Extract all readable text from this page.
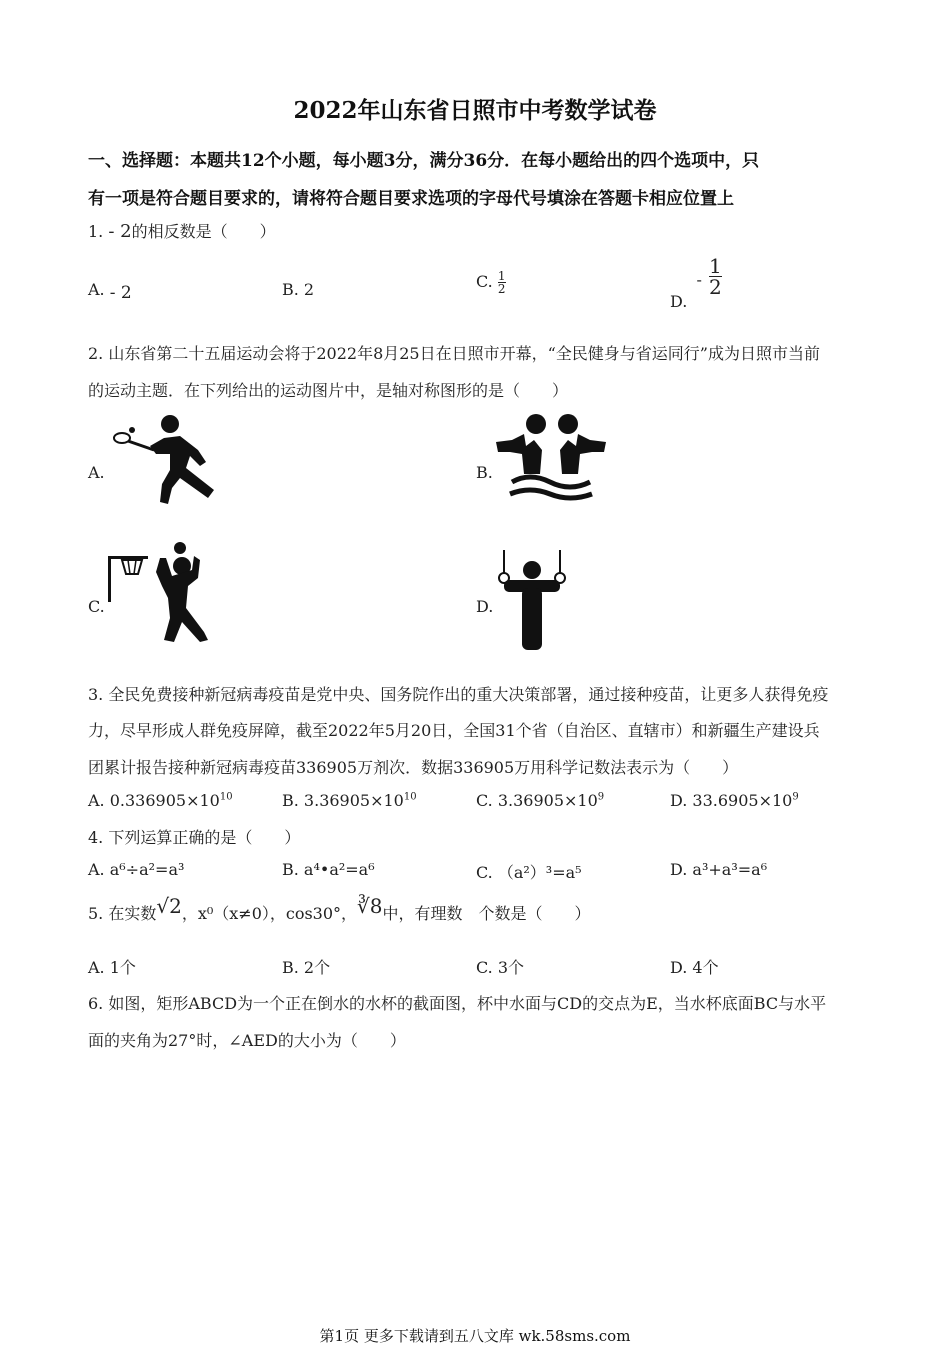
2022年山东省日照市中考数学试卷
一、选择题：本题共12个小题，每小题3分，满分36分．在每小题给出的四个选项中，只
有一项是符合题目要求的，请将符合题目要求选项的字母代号填涂在答题卡相应位置上
1. - 2的相反数是（　　）
A. - 2	B. 2	C. $\frac{1}{2}$
D. - $\frac{1}{2}$
2. 山东省第二十五届运动会将于2022年8月25日在日照市开幕，“全民健身与省运同行”成为日照市当前
的运动主题．在下列给出的运动图片中，是轴对称图形的是（　　）
A.	B.
C.	D.
3. 全民免费接种新冠病毒疫苗是党中央、国务院作出的重大决策部署，通过接种疫苗，让更多人获得免疫
力，尽早形成人群免疫屏障，截至2022年5月20日，全国31个省（自治区、直辖市）和新疆生产建设兵
团累计报告接种新冠病毒疫苗336905万剂次．数据336905万用科学记数法表示为（　　）
A. $0.336905\times 10^{10}$	B. $3.36905\times 10^{10}$	C. $3.36905\times 10^9$	D. $33.6905\times 10^9$
4. 下列运算正确的是（　　）
A. a⁶÷a²=a³	B. a⁴•a²=a⁶	C. （a²）³=a⁵	D. a³+a³=a⁶
5. 在实数√2，x⁰（x≠0），cos30°，∛8中，有理数　个数是（　　）
A. 1个	B. 2个	C. 3个	D. 4个
6. 如图，矩形ABCD为一个正在倒水的水杯的截面图，杯中水面与CD的交点为E，当水杯底面BC与水平
面的夹角为27°时，∠AED的大小为（　　）
第1页 更多下载请到五八文库 wk.58sms.com
